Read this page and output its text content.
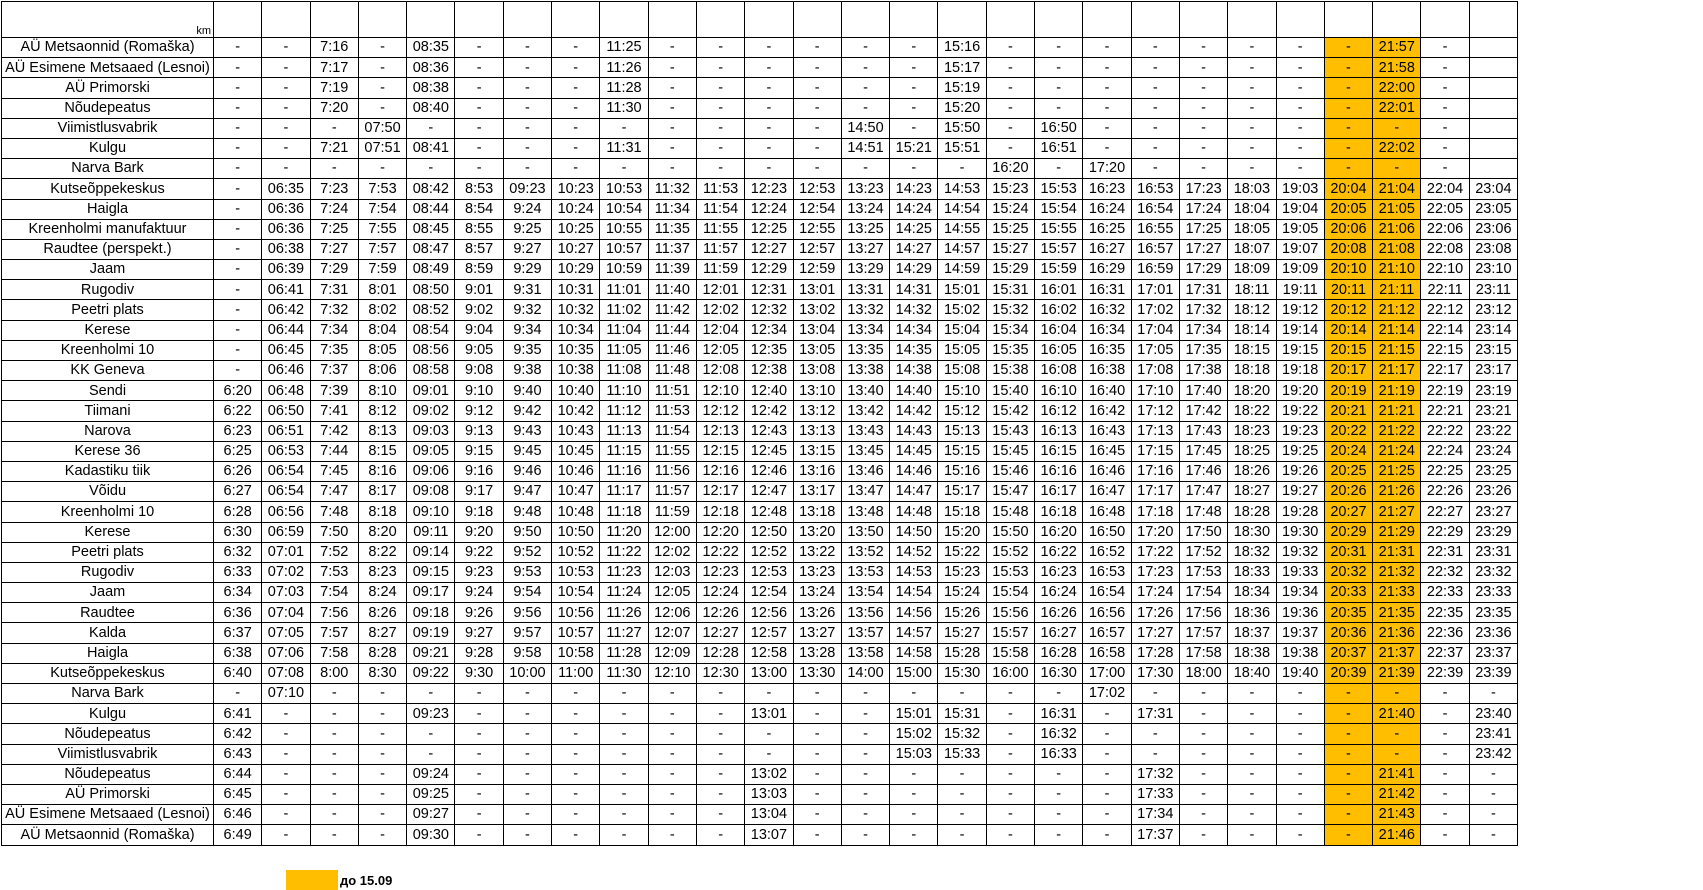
km																											
AÜ Metsaonnid (Romaška)	-	-	7:16	-	08:35	-	-	-	11:25	-	-	-	-	-	-	15:16	-	-	-	-	-	-	-	-	21:57	-	
AÜ Esimene Metsaaed (Lesnoi)	-	-	7:17	-	08:36	-	-	-	11:26	-	-	-	-	-	-	15:17	-	-	-	-	-	-	-	-	21:58	-	
AÜ Primorski	-	-	7:19	-	08:38	-	-	-	11:28	-	-	-	-	-	-	15:19	-	-	-	-	-	-	-	-	22:00	-	
Nõudepeatus	-	-	7:20	-	08:40	-	-	-	11:30	-	-	-	-	-	-	15:20	-	-	-	-	-	-	-	-	22:01	-	
Viimistlusvabrik	-	-	-	07:50	-	-	-	-	-	-	-	-	-	14:50	-	15:50	-	16:50	-	-	-	-	-	-	-	-	
Kulgu	-	-	7:21	07:51	08:41	-	-	-	11:31	-	-	-	-	14:51	15:21	15:51	-	16:51	-	-	-	-	-	-	22:02	-	
Narva Bark	-	-	-	-	-	-	-	-	-	-	-	-	-	-	-	-	16:20	-	17:20	-	-	-	-	-	-	-	
Kutseõppekeskus	-	06:35	7:23	7:53	08:42	8:53	09:23	10:23	10:53	11:32	11:53	12:23	12:53	13:23	14:23	14:53	15:23	15:53	16:23	16:53	17:23	18:03	19:03	20:04	21:04	22:04	23:04
Haigla	-	06:36	7:24	7:54	08:44	8:54	9:24	10:24	10:54	11:34	11:54	12:24	12:54	13:24	14:24	14:54	15:24	15:54	16:24	16:54	17:24	18:04	19:04	20:05	21:05	22:05	23:05
Kreenholmi manufaktuur	-	06:36	7:25	7:55	08:45	8:55	9:25	10:25	10:55	11:35	11:55	12:25	12:55	13:25	14:25	14:55	15:25	15:55	16:25	16:55	17:25	18:05	19:05	20:06	21:06	22:06	23:06
Raudtee (perspekt.)	-	06:38	7:27	7:57	08:47	8:57	9:27	10:27	10:57	11:37	11:57	12:27	12:57	13:27	14:27	14:57	15:27	15:57	16:27	16:57	17:27	18:07	19:07	20:08	21:08	22:08	23:08
Jaam	-	06:39	7:29	7:59	08:49	8:59	9:29	10:29	10:59	11:39	11:59	12:29	12:59	13:29	14:29	14:59	15:29	15:59	16:29	16:59	17:29	18:09	19:09	20:10	21:10	22:10	23:10
Rugodiv	-	06:41	7:31	8:01	08:50	9:01	9:31	10:31	11:01	11:40	12:01	12:31	13:01	13:31	14:31	15:01	15:31	16:01	16:31	17:01	17:31	18:11	19:11	20:11	21:11	22:11	23:11
Peetri plats	-	06:42	7:32	8:02	08:52	9:02	9:32	10:32	11:02	11:42	12:02	12:32	13:02	13:32	14:32	15:02	15:32	16:02	16:32	17:02	17:32	18:12	19:12	20:12	21:12	22:12	23:12
Kerese	-	06:44	7:34	8:04	08:54	9:04	9:34	10:34	11:04	11:44	12:04	12:34	13:04	13:34	14:34	15:04	15:34	16:04	16:34	17:04	17:34	18:14	19:14	20:14	21:14	22:14	23:14
Kreenholmi 10	-	06:45	7:35	8:05	08:56	9:05	9:35	10:35	11:05	11:46	12:05	12:35	13:05	13:35	14:35	15:05	15:35	16:05	16:35	17:05	17:35	18:15	19:15	20:15	21:15	22:15	23:15
KK Geneva	-	06:46	7:37	8:06	08:58	9:08	9:38	10:38	11:08	11:48	12:08	12:38	13:08	13:38	14:38	15:08	15:38	16:08	16:38	17:08	17:38	18:18	19:18	20:17	21:17	22:17	23:17
Sendi	6:20	06:48	7:39	8:10	09:01	9:10	9:40	10:40	11:10	11:51	12:10	12:40	13:10	13:40	14:40	15:10	15:40	16:10	16:40	17:10	17:40	18:20	19:20	20:19	21:19	22:19	23:19
Tiimani	6:22	06:50	7:41	8:12	09:02	9:12	9:42	10:42	11:12	11:53	12:12	12:42	13:12	13:42	14:42	15:12	15:42	16:12	16:42	17:12	17:42	18:22	19:22	20:21	21:21	22:21	23:21
Narova	6:23	06:51	7:42	8:13	09:03	9:13	9:43	10:43	11:13	11:54	12:13	12:43	13:13	13:43	14:43	15:13	15:43	16:13	16:43	17:13	17:43	18:23	19:23	20:22	21:22	22:22	23:22
Kerese 36	6:25	06:53	7:44	8:15	09:05	9:15	9:45	10:45	11:15	11:55	12:15	12:45	13:15	13:45	14:45	15:15	15:45	16:15	16:45	17:15	17:45	18:25	19:25	20:24	21:24	22:24	23:24
Kadastiku tiik	6:26	06:54	7:45	8:16	09:06	9:16	9:46	10:46	11:16	11:56	12:16	12:46	13:16	13:46	14:46	15:16	15:46	16:16	16:46	17:16	17:46	18:26	19:26	20:25	21:25	22:25	23:25
Võidu	6:27	06:54	7:47	8:17	09:08	9:17	9:47	10:47	11:17	11:57	12:17	12:47	13:17	13:47	14:47	15:17	15:47	16:17	16:47	17:17	17:47	18:27	19:27	20:26	21:26	22:26	23:26
Kreenholmi 10	6:28	06:56	7:48	8:18	09:10	9:18	9:48	10:48	11:18	11:59	12:18	12:48	13:18	13:48	14:48	15:18	15:48	16:18	16:48	17:18	17:48	18:28	19:28	20:27	21:27	22:27	23:27
Kerese	6:30	06:59	7:50	8:20	09:11	9:20	9:50	10:50	11:20	12:00	12:20	12:50	13:20	13:50	14:50	15:20	15:50	16:20	16:50	17:20	17:50	18:30	19:30	20:29	21:29	22:29	23:29
Peetri plats	6:32	07:01	7:52	8:22	09:14	9:22	9:52	10:52	11:22	12:02	12:22	12:52	13:22	13:52	14:52	15:22	15:52	16:22	16:52	17:22	17:52	18:32	19:32	20:31	21:31	22:31	23:31
Rugodiv	6:33	07:02	7:53	8:23	09:15	9:23	9:53	10:53	11:23	12:03	12:23	12:53	13:23	13:53	14:53	15:23	15:53	16:23	16:53	17:23	17:53	18:33	19:33	20:32	21:32	22:32	23:32
Jaam	6:34	07:03	7:54	8:24	09:17	9:24	9:54	10:54	11:24	12:05	12:24	12:54	13:24	13:54	14:54	15:24	15:54	16:24	16:54	17:24	17:54	18:34	19:34	20:33	21:33	22:33	23:33
Raudtee	6:36	07:04	7:56	8:26	09:18	9:26	9:56	10:56	11:26	12:06	12:26	12:56	13:26	13:56	14:56	15:26	15:56	16:26	16:56	17:26	17:56	18:36	19:36	20:35	21:35	22:35	23:35
Kalda	6:37	07:05	7:57	8:27	09:19	9:27	9:57	10:57	11:27	12:07	12:27	12:57	13:27	13:57	14:57	15:27	15:57	16:27	16:57	17:27	17:57	18:37	19:37	20:36	21:36	22:36	23:36
Haigla	6:38	07:06	7:58	8:28	09:21	9:28	9:58	10:58	11:28	12:09	12:28	12:58	13:28	13:58	14:58	15:28	15:58	16:28	16:58	17:28	17:58	18:38	19:38	20:37	21:37	22:37	23:37
Kutseõppekeskus	6:40	07:08	8:00	8:30	09:22	9:30	10:00	11:00	11:30	12:10	12:30	13:00	13:30	14:00	15:00	15:30	16:00	16:30	17:00	17:30	18:00	18:40	19:40	20:39	21:39	22:39	23:39
Narva Bark	-	07:10	-	-	-	-	-	-	-	-	-	-	-	-	-	-	-	-	17:02	-	-	-	-	-	-	-	-
Kulgu	6:41	-	-	-	09:23	-	-	-	-	-	-	13:01	-	-	15:01	15:31	-	16:31	-	17:31	-	-	-	-	21:40	-	23:40
Nõudepeatus	6:42	-	-	-	-	-	-	-	-	-	-	-	-	-	15:02	15:32	-	16:32	-	-	-	-	-	-	-	-	23:41
Viimistlusvabrik	6:43	-	-	-	-	-	-	-	-	-	-	-	-	-	15:03	15:33	-	16:33	-	-	-	-	-	-	-	-	23:42
Nõudepeatus	6:44	-	-	-	09:24	-	-	-	-	-	-	13:02	-	-	-	-	-	-	-	17:32	-	-	-	-	21:41	-	-
AÜ Primorski	6:45	-	-	-	09:25	-	-	-	-	-	-	13:03	-	-	-	-	-	-	-	17:33	-	-	-	-	21:42	-	-
AÜ Esimene Metsaaed (Lesnoi)	6:46	-	-	-	09:27	-	-	-	-	-	-	13:04	-	-	-	-	-	-	-	17:34	-	-	-	-	21:43	-	-
AÜ Metsaonnid (Romaška)	6:49	-	-	-	09:30	-	-	-	-	-	-	13:07	-	-	-	-	-	-	-	17:37	-	-	-	-	21:46	-	-
до 15.09
